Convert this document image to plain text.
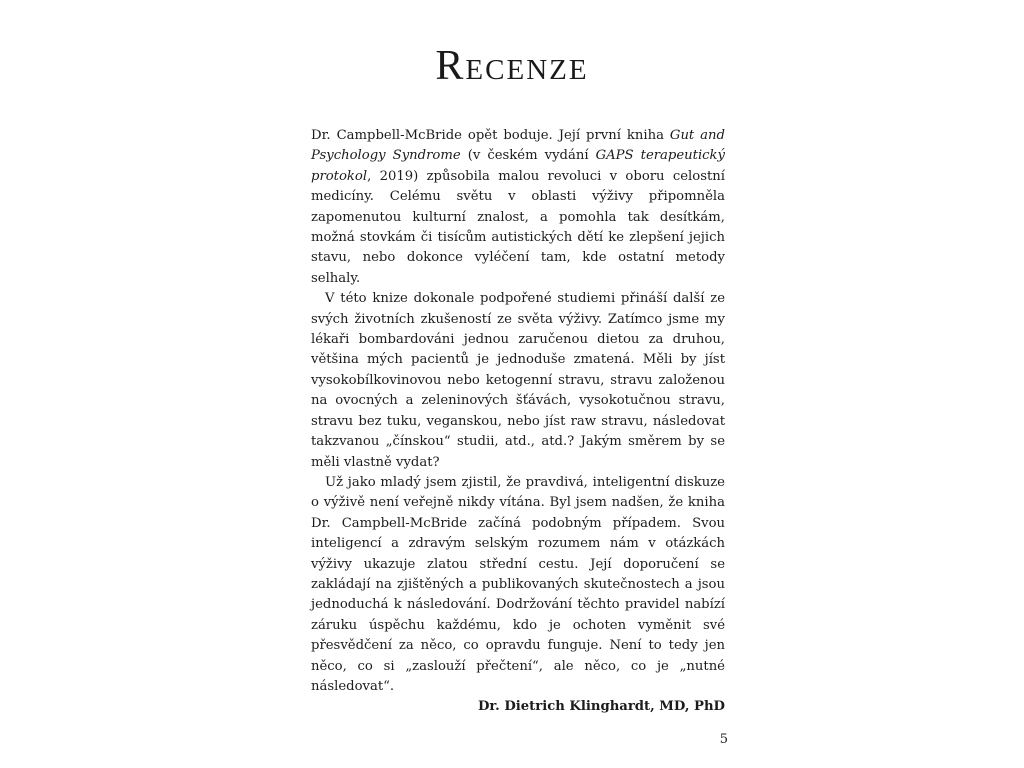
Recenze

Dr. Campbell-McBride opět boduje. Její první kniha Gut and Psychology Syndrome (v českém vydání GAPS terapeutický protokol, 2019) způsobila malou revoluci v oboru celostní medicíny. Celému světu v oblasti výživy připomněla zapomenutou kulturní znalost, a pomohla tak desítkám, možná stovkám či tisícům autistických dětí ke zlepšení jejich stavu, nebo dokonce vyléčení tam, kde ostatní metody selhaly.

V této knize dokonale podpořené studiemi přináší další ze svých životních zkušeností ze světa výživy. Zatímco jsme my lékaři bombardováni jednou zaručenou dietou za druhou, většina mých pacientů je jednoduše zmatená. Měli by jíst vysokobílkovinovou nebo ketogenní stravu, stravu založenou na ovocných a zeleninových šťávách, vysokotučnou stravu, stravu bez tuku, veganskou, nebo jíst raw stravu, následovat takzvanou „čínskou“ studii, atd., atd.? Jakým směrem by se měli vlastně vydat?

Už jako mladý jsem zjistil, že pravdivá, inteligentní diskuze o výživě není veřejně nikdy vítána. Byl jsem nadšen, že kniha Dr. Campbell-McBride začíná podobným případem. Svou inteligencí a zdravým selským rozumem nám v otázkách výživy ukazuje zlatou střední cestu. Její doporučení se zakládají na zjištěných a publikovaných skutečnostech a jsou jednoduchá k následování. Dodržování těchto pravidel nabízí záruku úspěchu každému, kdo je ochoten vyměnit své přesvědčení za něco, co opravdu funguje. Není to tedy jen něco, co si „zaslouží přečtení“, ale něco, co je „nutné následovat“.

Dr. Dietrich Klinghardt, MD, PhD

5
